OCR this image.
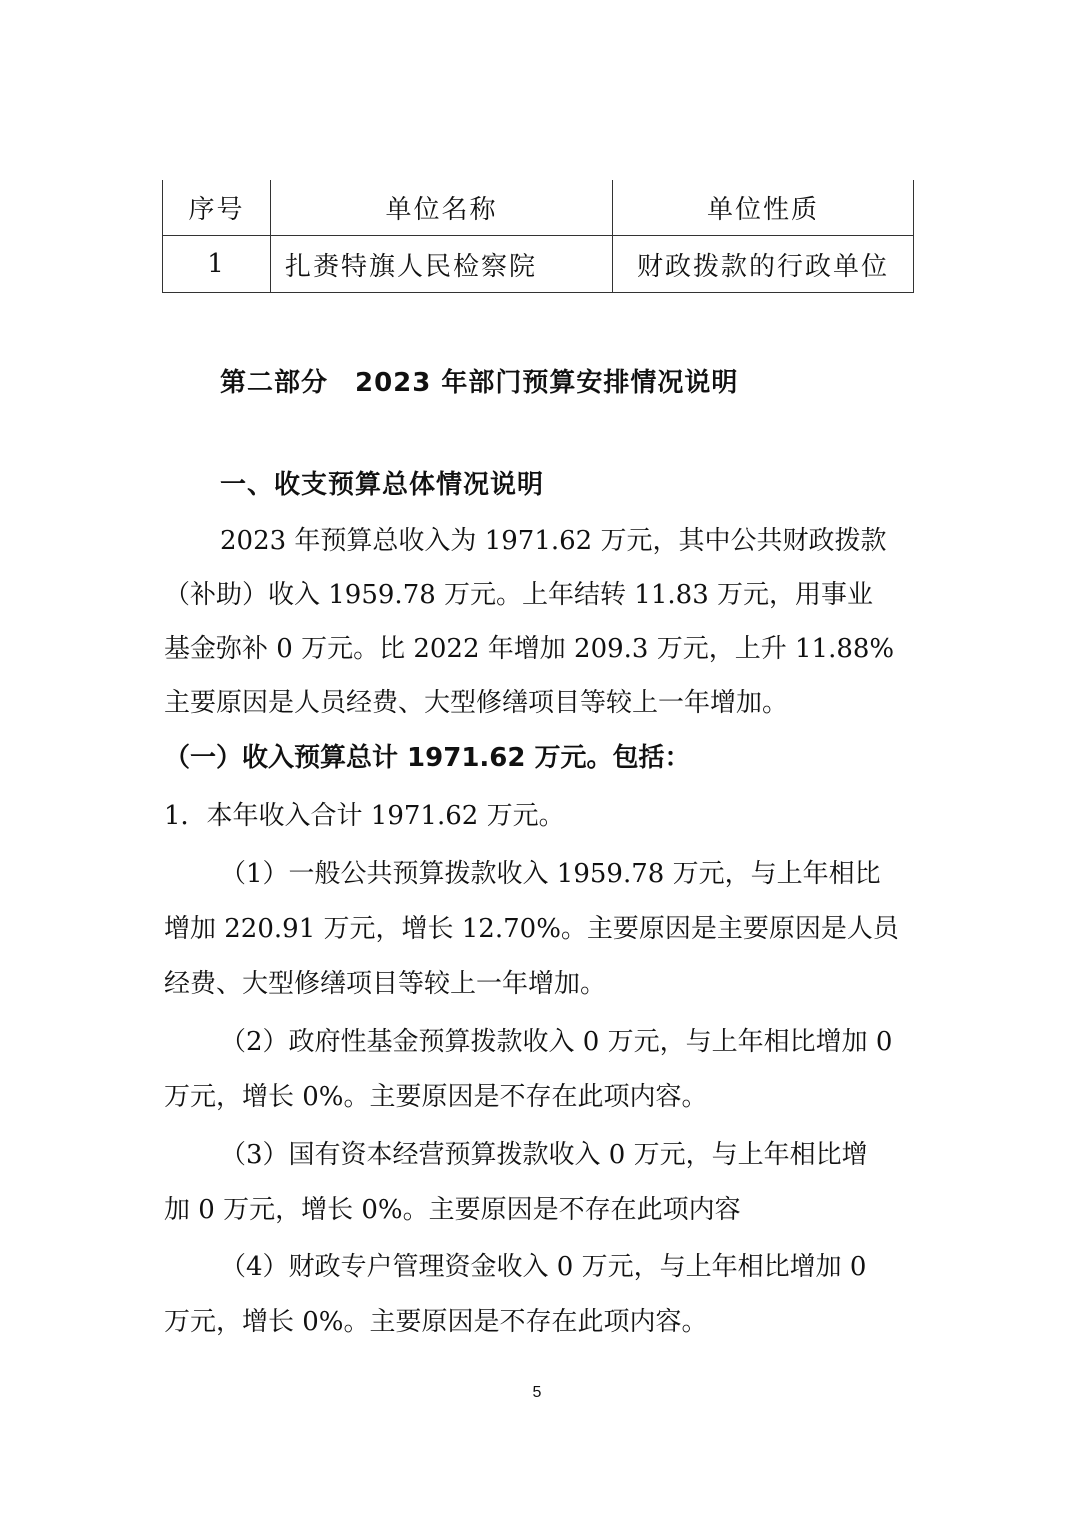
序号	单位名称	单位性质
1	扎赉特旗人民检察院	财政拨款的行政单位
第二部分　2023 年部门预算安排情况说明
一、收支预算总体情况说明
2023 年预算总收入为 1971.62 万元，其中公共财政拨款
（补助）收入 1959.78 万元。上年结转 11.83 万元，用事业
基金弥补 0 万元。比 2022 年增加 209.3 万元，上升 11.88%
主要原因是人员经费、大型修缮项目等较上一年增加。
（一）收入预算总计 1971.62 万元。包括：
1．本年收入合计 1971.62 万元。
（1）一般公共预算拨款收入 1959.78 万元，与上年相比
增加 220.91 万元，增长 12.70%。主要原因是主要原因是人员
经费、大型修缮项目等较上一年增加。
（2）政府性基金预算拨款收入 0 万元，与上年相比增加 0
万元，增长 0%。主要原因是不存在此项内容。
（3）国有资本经营预算拨款收入 0 万元，与上年相比增
加 0 万元，增长 0%。主要原因是不存在此项内容
（4）财政专户管理资金收入 0 万元，与上年相比增加 0
万元，增长 0%。主要原因是不存在此项内容。
5
